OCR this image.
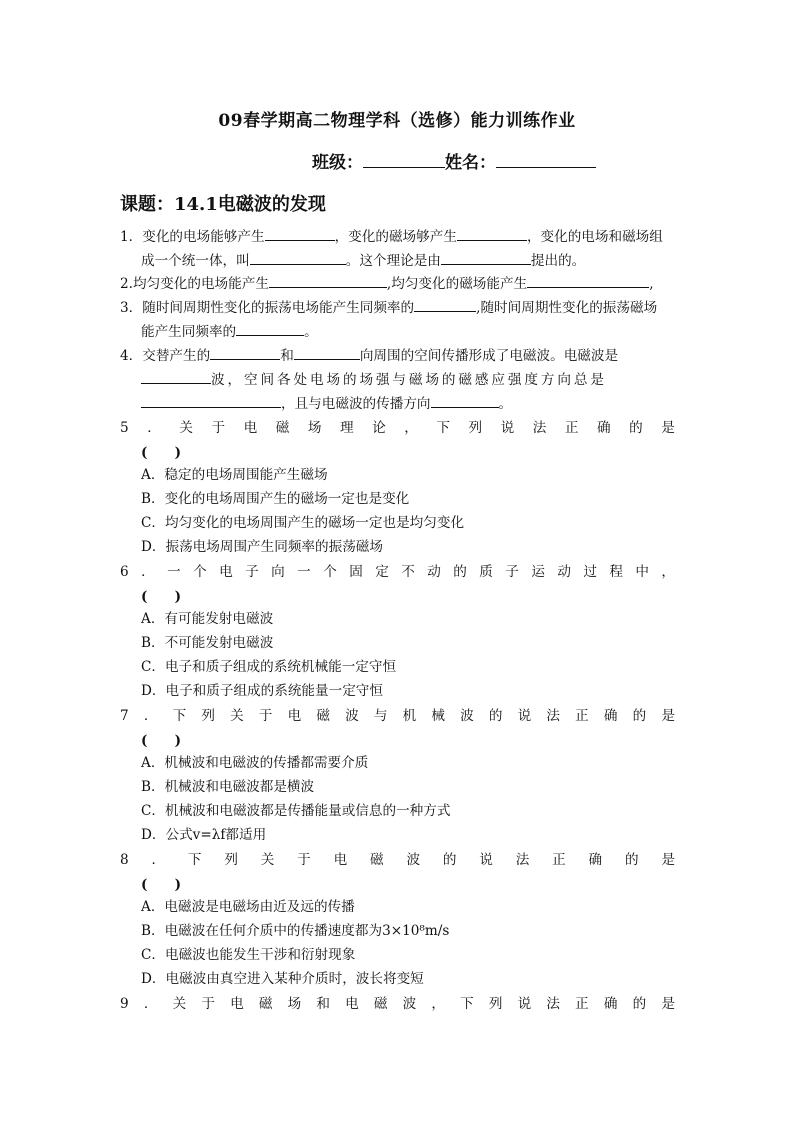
09春学期高二物理学科（选修）能力训练作业
班级：	姓名：
课题：14.1电磁波的发现
1．变化的电场能够产生	，变化的磁场够产生	，变化的电场和磁场组
成一个统一体，叫	。这个理论是由	提出的。
2.均匀变化的电场能产生	,均匀变化的磁场能产生	,
3．随时间周期性变化的振荡电场能产生同频率的	,随时间周期性变化的振荡磁场
能产生同频率的	。
4．交替产生的	和	向周围的空间传播形成了电磁波。电磁波是
波，空间各处电场的场强与磁场的磁感应强度方向总是
，且与电磁波的传播方向	。
5 ． 关 于 电 磁 场 理 论 ， 下 列 说 法 正 确 的 是
(　　)
A．稳定的电场周围能产生磁场
B．变化的电场周围产生的磁场一定也是变化
C．均匀变化的电场周围产生的磁场一定也是均匀变化
D．振荡电场周围产生同频率的振荡磁场
6 ． 一 个 电 子 向 一 个 固 定 不 动 的 质 子 运 动 过 程 中 ，
(　　)
A．有可能发射电磁波
B．不可能发射电磁波
C．电子和质子组成的系统机械能一定守恒
D．电子和质子组成的系统能量一定守恒
7 ． 下 列 关 于 电 磁 波 与 机 械 波 的 说 法 正 确 的 是
(　　)
A．机械波和电磁波的传播都需要介质
B．机械波和电磁波都是横波
C．机械波和电磁波都是传播能量或信息的一种方式
D．公式v=λf都适用
8 ． 下 列 关 于 电 磁 波 的 说 法 正 确 的 是
(　　)
A．电磁波是电磁场由近及远的传播
B．电磁波在任何介质中的传播速度都为3×10⁸m/s
C．电磁波也能发生干涉和衍射现象
D．电磁波由真空进入某种介质时，波长将变短
9 ． 关 于 电 磁 场 和 电 磁 波 ， 下 列 说 法 正 确 的 是
